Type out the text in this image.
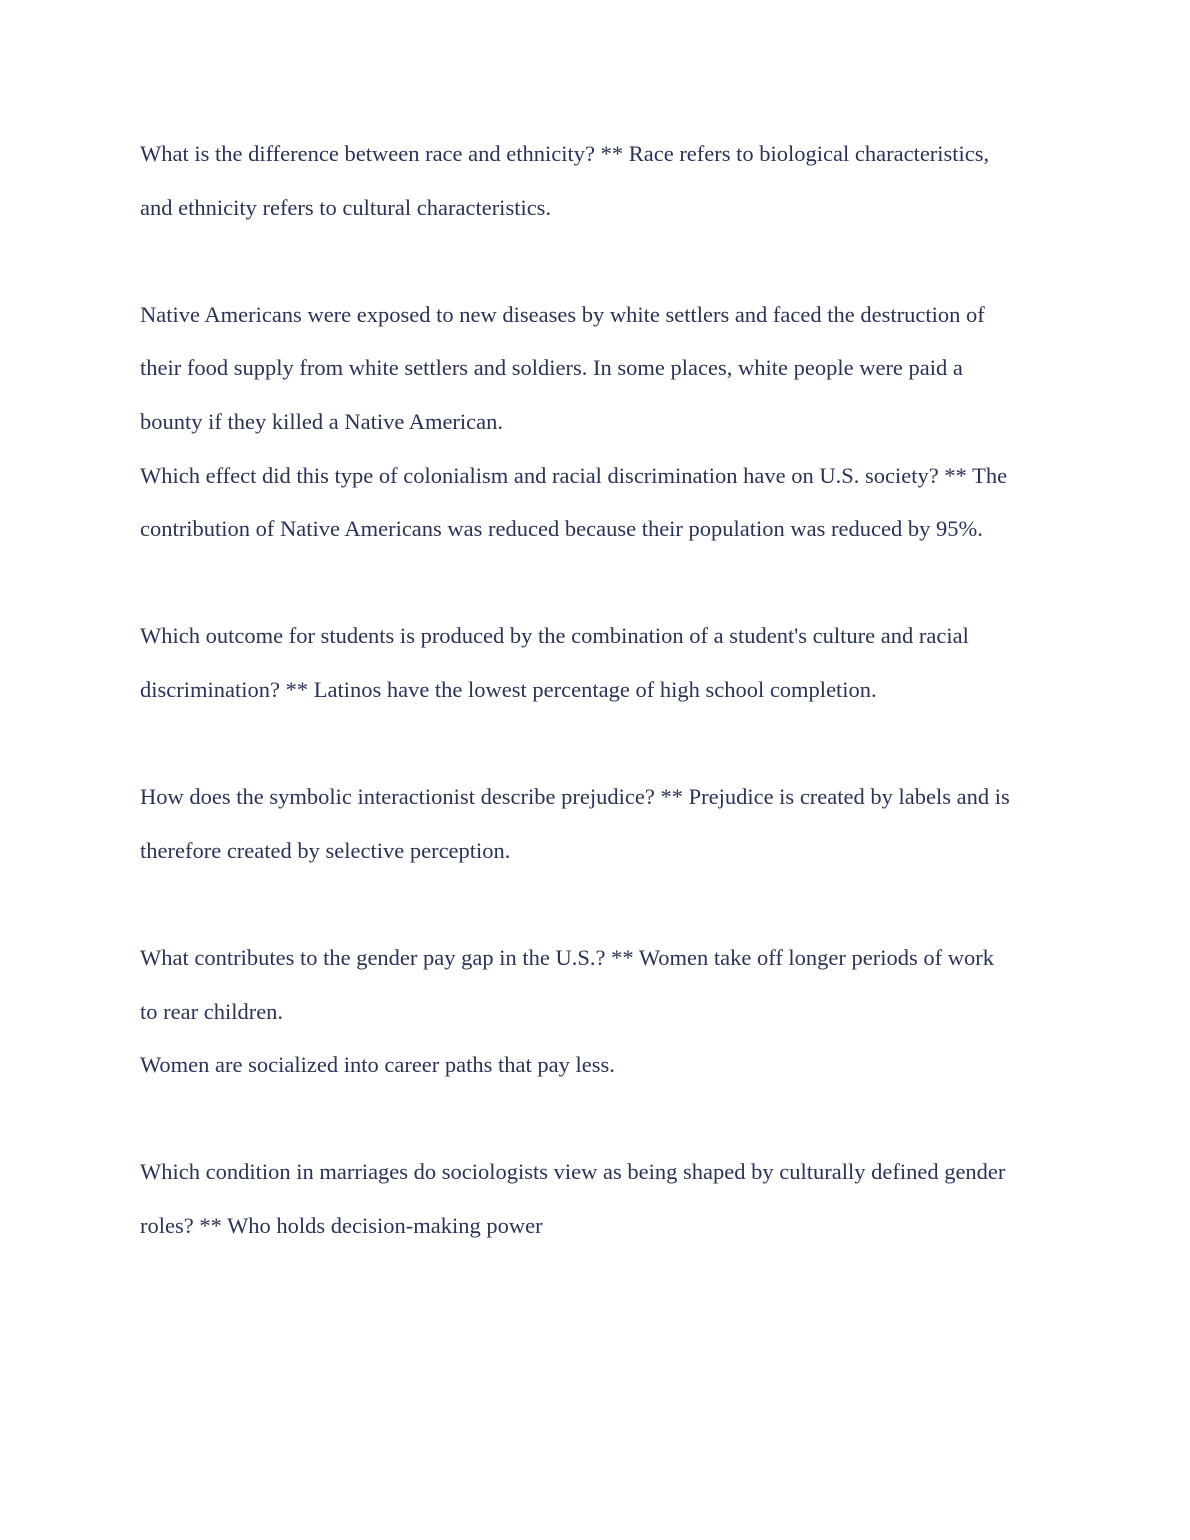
What is the difference between race and ethnicity? ** Race refers to biological characteristics,
and ethnicity refers to cultural characteristics.
Native Americans were exposed to new diseases by white settlers and faced the destruction of
their food supply from white settlers and soldiers. In some places, white people were paid a
bounty if they killed a Native American.
Which effect did this type of colonialism and racial discrimination have on U.S. society? ** The
contribution of Native Americans was reduced because their population was reduced by 95%.
Which outcome for students is produced by the combination of a student's culture and racial
discrimination? ** Latinos have the lowest percentage of high school completion.
How does the symbolic interactionist describe prejudice? ** Prejudice is created by labels and is
therefore created by selective perception.
What contributes to the gender pay gap in the U.S.? ** Women take off longer periods of work
to rear children.
Women are socialized into career paths that pay less.
Which condition in marriages do sociologists view as being shaped by culturally defined gender
roles? ** Who holds decision-making power
